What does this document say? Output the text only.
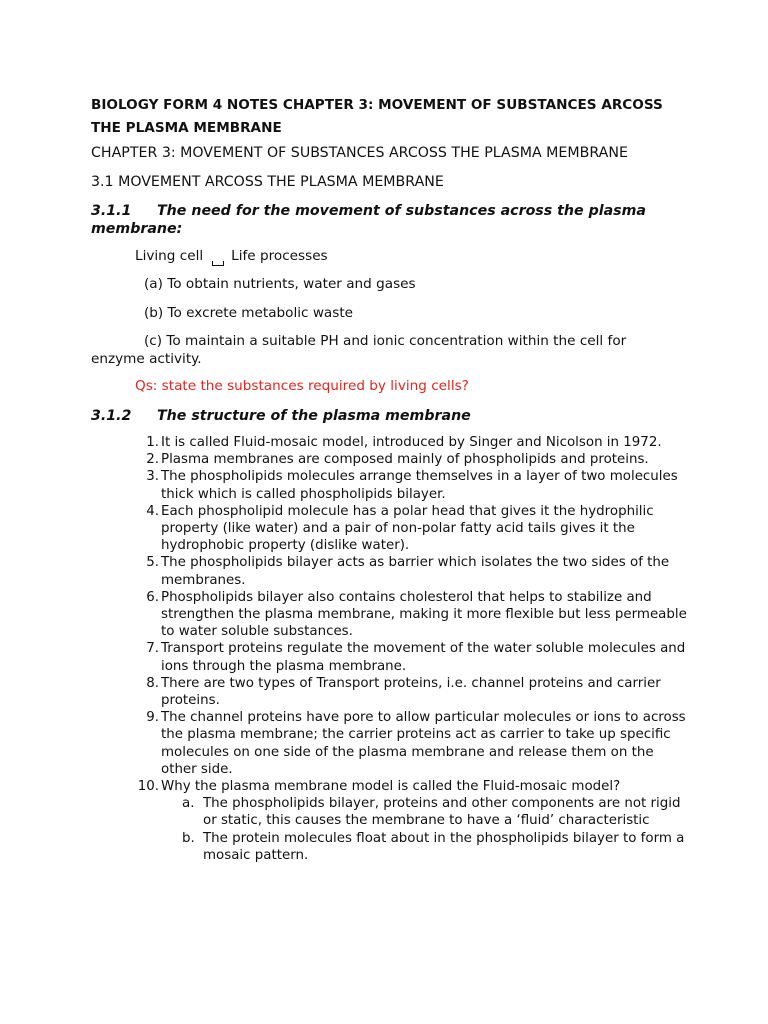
BIOLOGY FORM 4 NOTES CHAPTER 3: MOVEMENT OF SUBSTANCES ARCOSS THE PLASMA MEMBRANE
CHAPTER 3: MOVEMENT OF SUBSTANCES ARCOSS THE PLASMA MEMBRANE
3.1 MOVEMENT ARCOSS THE PLASMA MEMBRANE
3.1.1 The need for the movement of substances across the plasma membrane:
Living cell Life processes
(a) To obtain nutrients, water and gases
(b) To excrete metabolic waste
(c) To maintain a suitable PH and ionic concentration within the cell for enzyme activity.
Qs: state the substances required by living cells?
3.1.2 The structure of the plasma membrane
1. It is called Fluid-mosaic model, introduced by Singer and Nicolson in 1972.
2. Plasma membranes are composed mainly of phospholipids and proteins.
3. The phospholipids molecules arrange themselves in a layer of two molecules thick which is called phospholipids bilayer.
4. Each phospholipid molecule has a polar head that gives it the hydrophilic property (like water) and a pair of non-polar fatty acid tails gives it the hydrophobic property (dislike water).
5. The phospholipids bilayer acts as barrier which isolates the two sides of the membranes.
6. Phospholipids bilayer also contains cholesterol that helps to stabilize and strengthen the plasma membrane, making it more flexible but less permeable to water soluble substances.
7. Transport proteins regulate the movement of the water soluble molecules and ions through the plasma membrane.
8. There are two types of Transport proteins, i.e. channel proteins and carrier proteins.
9. The channel proteins have pore to allow particular molecules or ions to across the plasma membrane; the carrier proteins act as carrier to take up specific molecules on one side of the plasma membrane and release them on the other side.
10. Why the plasma membrane model is called the Fluid-mosaic model?
a. The phospholipids bilayer, proteins and other components are not rigid or static, this causes the membrane to have a ‘fluid’ characteristic
b. The protein molecules float about in the phospholipids bilayer to form a mosaic pattern.
